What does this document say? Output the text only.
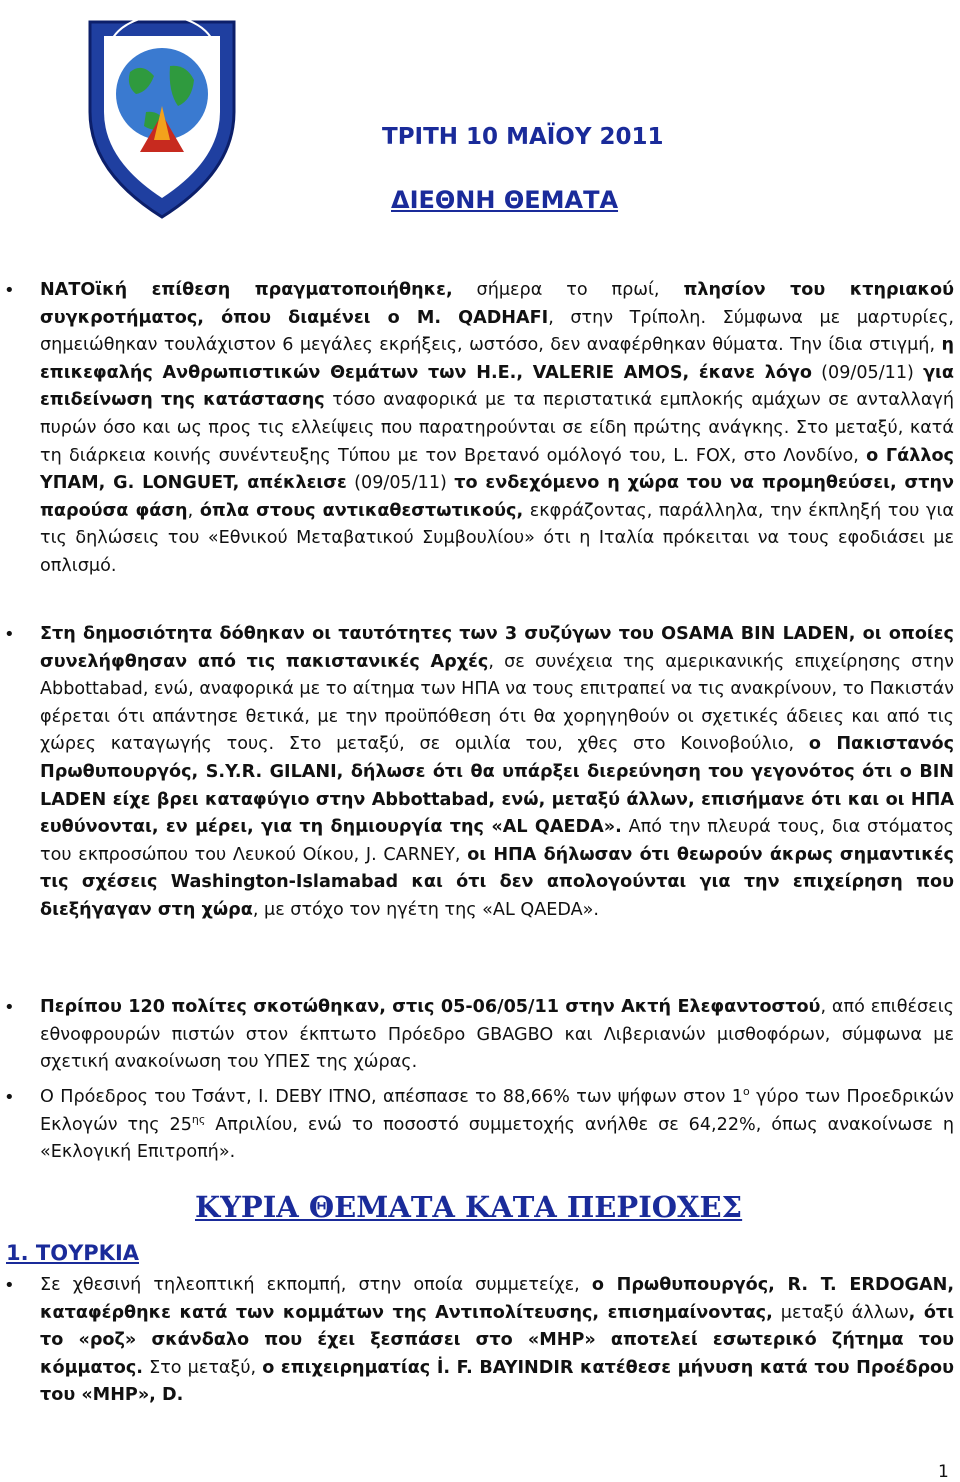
ΤΡΙΤΗ 10 ΜΑΪΟΥ 2011
ΔΙΕΘΝΗ ΘΕΜΑΤΑ
• ΝΑΤΟϊκή επίθεση πραγματοποιήθηκε, σήμερα το πρωί, πλησίον του κτηριακού συγκροτήματος, όπου διαμένει ο M. QADHAFI, στην Τρίπολη. Σύμφωνα με μαρτυρίες, σημειώθηκαν τουλάχιστον 6 μεγάλες εκρήξεις, ωστόσο, δεν αναφέρθηκαν θύματα. Την ίδια στιγμή, η επικεφαλής Ανθρωπιστικών Θεμάτων των Η.Ε., VALERIE AMOS, έκανε λόγο (09/05/11) για επιδείνωση της κατάστασης τόσο αναφορικά με τα περιστατικά εμπλοκής αμάχων σε ανταλλαγή πυρών όσο και ως προς τις ελλείψεις που παρατηρούνται σε είδη πρώτης ανάγκης. Στο μεταξύ, κατά τη διάρκεια κοινής συνέντευξης Τύπου με τον Βρετανό ομόλογό του, L. FOX, στο Λονδίνο, ο Γάλλος ΥΠΑΜ, G. LONGUET, απέκλεισε (09/05/11) το ενδεχόμενο η χώρα του να προμηθεύσει, στην παρούσα φάση, όπλα στους αντικαθεστωτικούς, εκφράζοντας, παράλληλα, την έκπληξή του για τις δηλώσεις του «Εθνικού Μεταβατικού Συμβουλίου» ότι η Ιταλία πρόκειται να τους εφοδιάσει με οπλισμό.
• Στη δημοσιότητα δόθηκαν οι ταυτότητες των 3 συζύγων του OSAMA BIN LADEN, οι οποίες συνελήφθησαν από τις πακιστανικές Αρχές, σε συνέχεια της αμερικανικής επιχείρησης στην Abbottabad, ενώ, αναφορικά με το αίτημα των ΗΠΑ να τους επιτραπεί να τις ανακρίνουν, το Πακιστάν φέρεται ότι απάντησε θετικά, με την προϋπόθεση ότι θα χορηγηθούν οι σχετικές άδειες και από τις χώρες καταγωγής τους. Στο μεταξύ, σε ομιλία του, χθες στο Κοινοβούλιο, ο Πακιστανός Πρωθυπουργός, S.Y.R. GILANI, δήλωσε ότι θα υπάρξει διερεύνηση του γεγονότος ότι ο BIN LADEN είχε βρει καταφύγιο στην Abbottabad, ενώ, μεταξύ άλλων, επισήμανε ότι και οι ΗΠΑ ευθύνονται, εν μέρει, για τη δημιουργία της «AL QAEDA». Από την πλευρά τους, δια στόματος του εκπροσώπου του Λευκού Οίκου, J. CARNEY, οι ΗΠΑ δήλωσαν ότι θεωρούν άκρως σημαντικές τις σχέσεις Washington-Islamabad και ότι δεν απολογούνται για την επιχείρηση που διεξήγαγαν στη χώρα, με στόχο τον ηγέτη της «AL QAEDA».
• Περίπου 120 πολίτες σκοτώθηκαν, στις 05-06/05/11 στην Ακτή Ελεφαντοστού, από επιθέσεις εθνοφρουρών πιστών στον έκπτωτο Πρόεδρο GBAGBO και Λιβεριανών μισθοφόρων, σύμφωνα με σχετική ανακοίνωση του ΥΠΕΣ της χώρας.
• Ο Πρόεδρος του Τσάντ, I. DEBY ITNO, απέσπασε το 88,66% των ψήφων στον $1^o$ γύρο των Προεδρικών Εκλογών της $25^{\eta\varsigma}$ Απριλίου, ενώ το ποσοστό συμμετοχής ανήλθε σε 64,22%, όπως ανακοίνωσε η «Εκλογική Επιτροπή».
ΚΥΡΙΑ ΘΕΜΑΤΑ ΚΑΤΑ ΠΕΡΙΟΧΕΣ
1. ΤΟΥΡΚΙΑ
• Σε χθεσινή τηλεοπτική εκπομπή, στην οποία συμμετείχε, ο Πρωθυπουργός, R. T. ERDOGAN, καταφέρθηκε κατά των κομμάτων της Αντιπολίτευσης, επισημαίνοντας, μεταξύ άλλων, ότι το «ροζ» σκάνδαλο που έχει ξεσπάσει στο «MHP» αποτελεί εσωτερικό ζήτημα του κόμματος. Στο μεταξύ, ο επιχειρηματίας İ. F. BAYINDIR κατέθεσε μήνυση κατά του Προέδρου του «MHP», D.
1
